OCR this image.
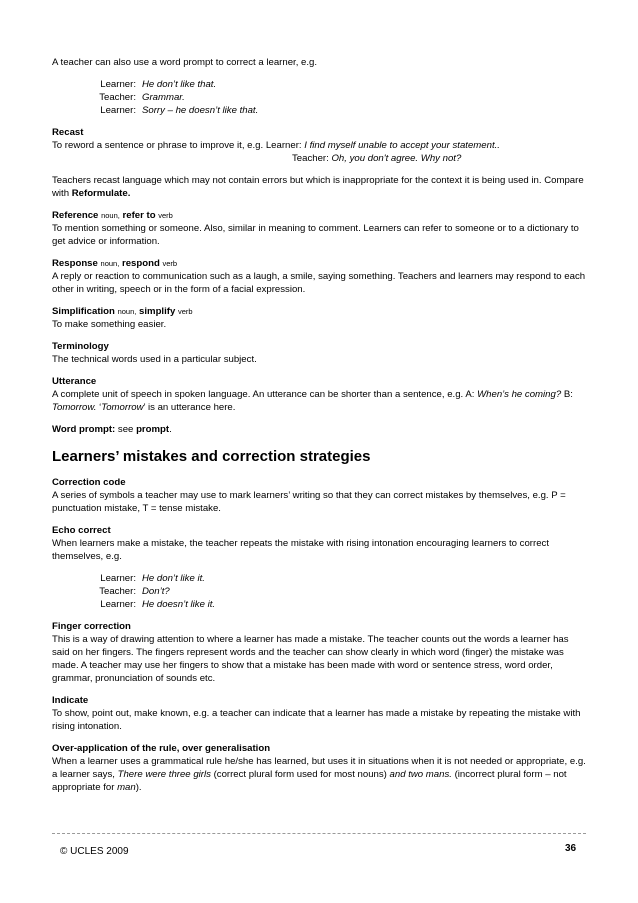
A teacher can also use a word prompt to correct a learner, e.g.

Learner: He don’t like that.
Teacher: Grammar.
Learner: Sorry – he doesn’t like that.
Recast
To reword a sentence or phrase to improve it, e.g. Learner: I find myself unable to accept your statement..
Teacher: Oh, you don't agree. Why not?

Teachers recast language which may not contain errors but which is inappropriate for the context it is being used in. Compare with Reformulate.

Reference noun, refer to verb
To mention something or someone. Also, similar in meaning to comment. Learners can refer to someone or to a dictionary to get advice or information.
Response noun, respond verb
A reply or reaction to communication such as a laugh, a smile, saying something. Teachers and learners may respond to each other in writing, speech or in the form of a facial expression.
Simplification noun, simplify verb
To make something easier.
Terminology
The technical words used in a particular subject.
Utterance
A complete unit of speech in spoken language. An utterance can be shorter than a sentence, e.g. A: When’s he coming? B: Tomorrow. ‘Tomorrow’ is an utterance here.

Word prompt: see prompt.

Learners’ mistakes and correction strategies
Correction code
A series of symbols a teacher may use to mark learners’ writing so that they can correct mistakes by themselves, e.g. P = punctuation mistake, T = tense mistake.
Echo correct
When learners make a mistake, the teacher repeats the mistake with rising intonation encouraging learners to correct themselves, e.g.
Learner: He don’t like it.
Teacher: Don’t?
Learner: He doesn’t like it.
Finger correction
This is a way of drawing attention to where a learner has made a mistake. The teacher counts out the words a learner has said on her fingers. The fingers represent words and the teacher can show clearly in which word (finger) the mistake was made. A teacher may use her fingers to show that a mistake has been made with word or sentence stress, word order, grammar, pronunciation of sounds etc.
Indicate
To show, point out, make known, e.g. a teacher can indicate that a learner has made a mistake by repeating the mistake with rising intonation.
Over-application of the rule, over generalisation
When a learner uses a grammatical rule he/she has learned, but uses it in situations when it is not needed or appropriate, e.g. a learner says, There were three girls (correct plural form used for most nouns) and two mans. (incorrect plural form – not appropriate for man).
© UCLES 2009	36
